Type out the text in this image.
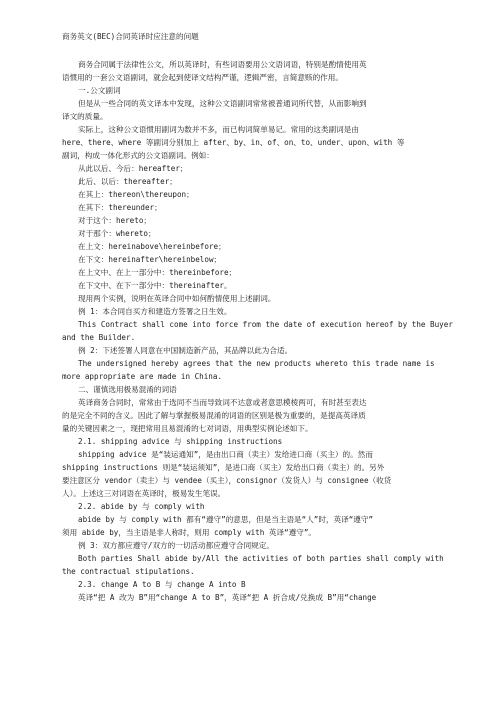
商务英文(BEC)合同英译时应注意的问题
商务合同属于法律性公文，所以英译时，有些词语要用公文语词语，特别是酌情使用英
语惯用的一套公文语副词，就会起到使译文结构严谨，逻辑严密，言简意赅的作用。
一.公文副词
但是从一些合同的英文译本中发现，这种公文语副词常常被普通词所代替，从而影响到
译文的质量。
实际上，这种公文语惯用副词为数并不多，而已构词简单易记。常用的这类副词是由
here、there、where 等副词分别加上 after、by、in、of、on、to、under、upon、with 等
副词，构成一体化形式的公文语副词。例如：
从此以后、今后：hereafter；
此后、以后：thereafter；
在其上：thereon\thereupon；
在其下：thereunder；
对于这个：hereto；
对于那个：whereto；
在上文：hereinabove\hereinbefore；
在下文：hereinafter\hereinbelow；
在上文中、在上一部分中：thereinbefore；
在下文中、在下一部分中：thereinafter。
现用两个实例，说明在英译合同中如何酌情使用上述副词。
例 1：本合同自买方和建造方签署之日生效。
This Contract shall come into force from the date of execution hereof by the Buyer
and the Builder.
例 2：下述签署人同意在中国制造新产品，其品牌以此为合适。
The undersigned hereby agrees that the new products whereto this trade name is
more appropriate are made in China.
二、谨慎选用极易混淆的词语
英译商务合同时，常常由于选同不当而导致词不达意或者意思模棱两可，有时甚至表达
的是完全不同的含义。因此了解与掌握极易混淆的词语的区别是极为重要的，是提高英译质
量的关键因素之一，现把常用且易混淆的七对词语，用典型实例论述如下。
2.1. shipping advice 与 shipping instructions
shipping advice 是“装运通知”，是由出口商（卖主）发给进口商（买主）的。然而
shipping instructions 则是“装运须知”，是进口商（买主）发给出口商（卖主）的。另外
要注意区分 vendor（卖主）与 vendee（买主），consignor（发货人）与 consignee（收货
人）。上述这三对词语在英译时，极易发生笔误。
2.2. abide by 与 comply with
abide by 与 comply with 都有“遵守”的意思，但是当主语是“人”时，英译“遵守”
须用 abide by，当主语是非人称时，则用 comply with 英译“遵守”。
例 3：双方都应遵守/双方的一切活动都应遵守合同规定。
Both parties Shall abide by/All the activities of both parties shall comply with
the contractual stipulations.
2.3. change A to B 与 change A into B
英译“把 A 改为 B”用“change A to B”，英译“把 A 折合成/兑换成 B”用“change
